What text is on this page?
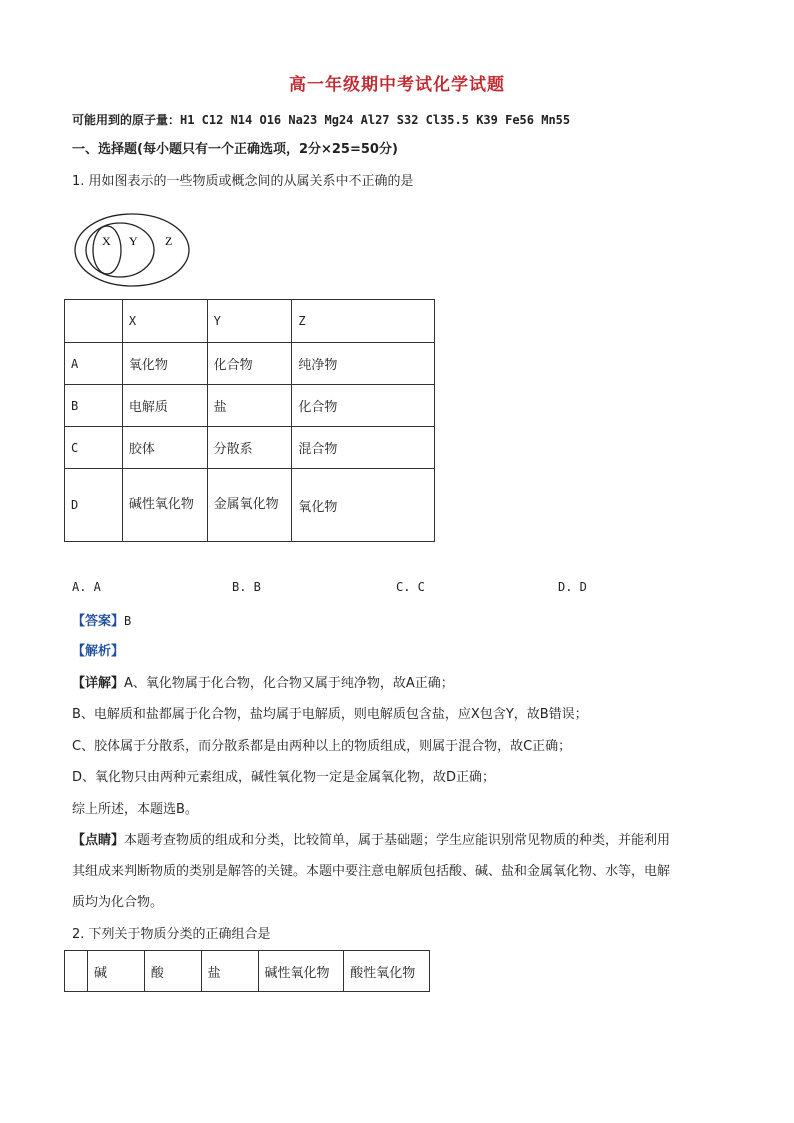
高一年级期中考试化学试题
可能用到的原子量：H1 C12 N14 O16 Na23 Mg24 Al27 S32 Cl35.5 K39 Fe56 Mn55
一、选择题(每小题只有一个正确选项，2分×25=50分)
1. 用如图表示的一些物质或概念间的从属关系中不正确的是
X Y Z
	X	Y	Z
A	氧化物	化合物	纯净物
B	电解质	盐	化合物
C	胶体	分散系	混合物
D	碱性氧化物	金属氧化物	氧化物
A. A	B. B	C. C	D. D
【答案】B
【解析】
【详解】A、氧化物属于化合物，化合物又属于纯净物，故A正确；
B、电解质和盐都属于化合物，盐均属于电解质，则电解质包含盐，应X包含Y，故B错误；
C、胶体属于分散系，而分散系都是由两种以上的物质组成，则属于混合物，故C正确；
D、氧化物只由两种元素组成，碱性氧化物一定是金属氧化物，故D正确；
综上所述，本题选B。
【点睛】本题考查物质的组成和分类，比较简单，属于基础题；学生应能识别常见物质的种类，并能利用
其组成来判断物质的类别是解答的关键。本题中要注意电解质包括酸、碱、盐和金属氧化物、水等，电解
质均为化合物。
2. 下列关于物质分类的正确组合是
	碱	酸	盐	碱性氧化物	酸性氧化物
